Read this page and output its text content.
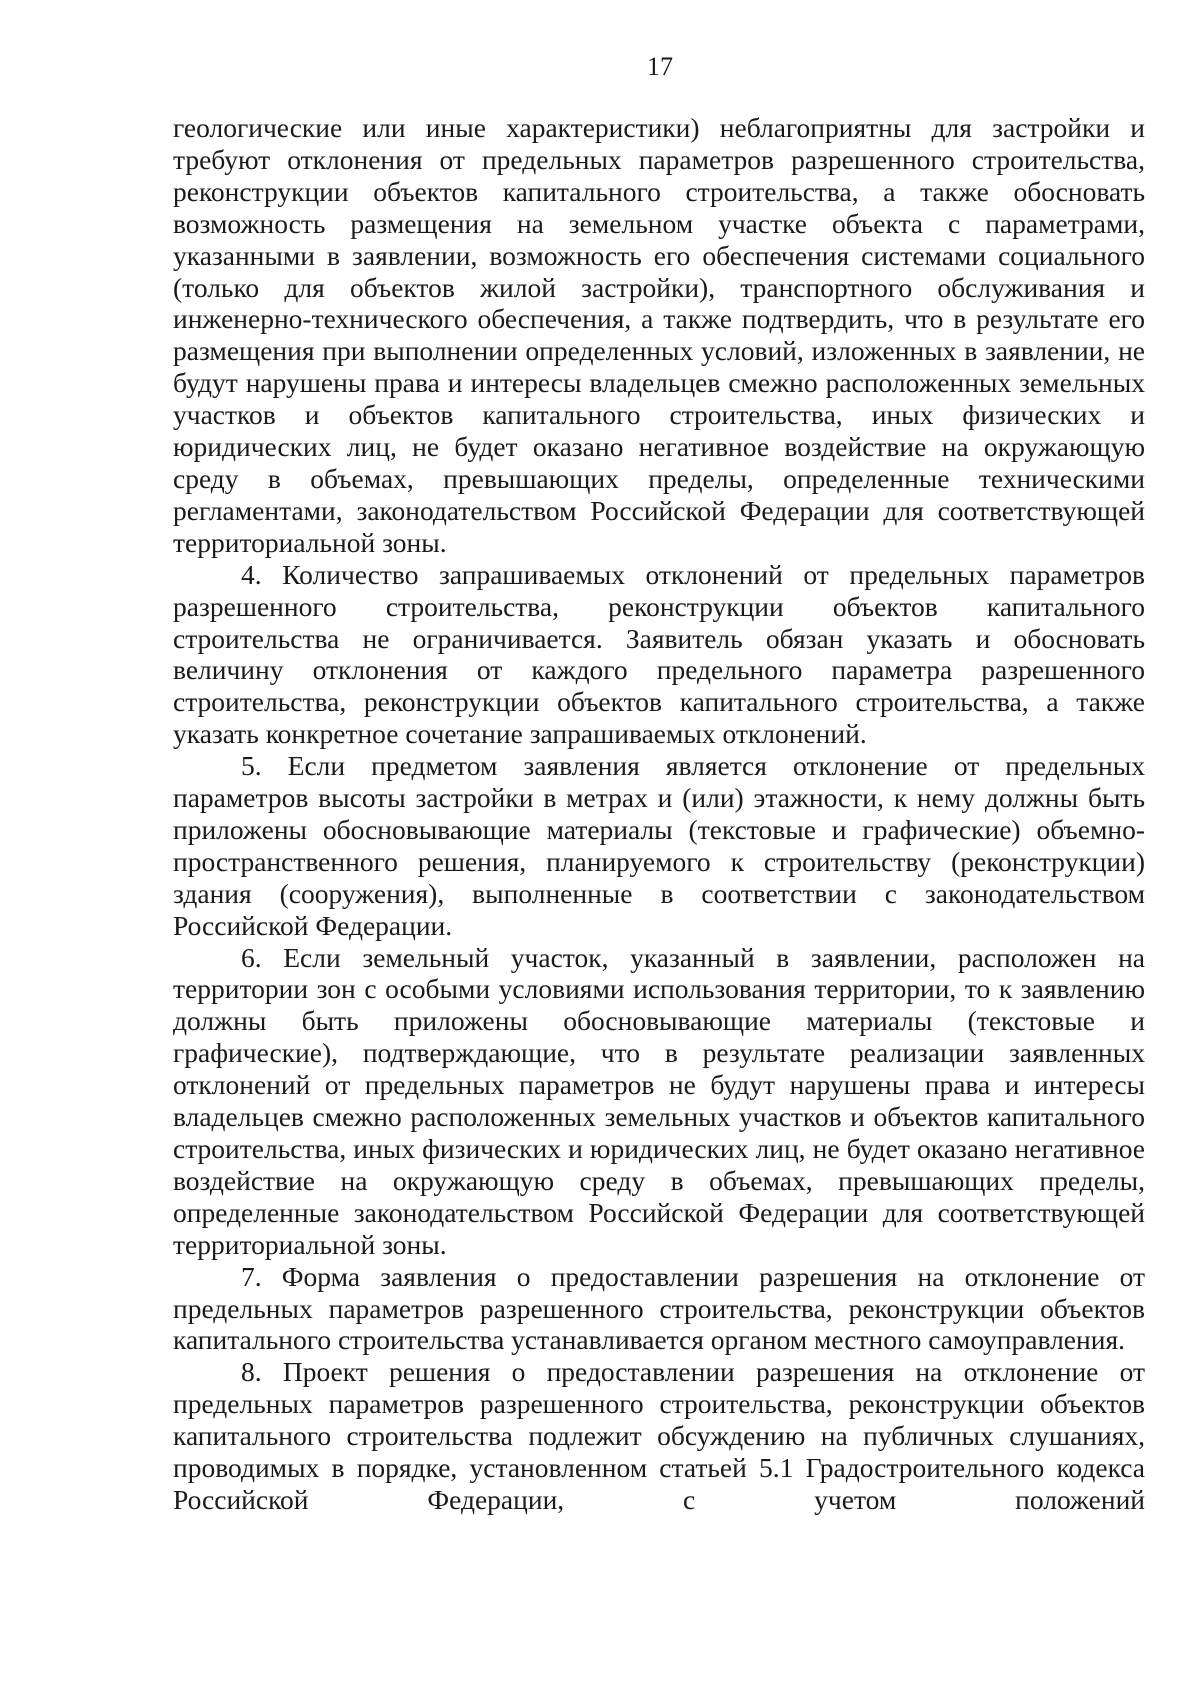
17

геологические или иные характеристики) неблагоприятны для застройки и требуют отклонения от предельных параметров разрешенного строительства, реконструкции объектов капитального строительства, а также обосновать возможность размещения на земельном участке объекта с параметрами, указанными в заявлении, возможность его обеспечения системами социального (только для объектов жилой застройки), транспортного обслуживания и инженерно-технического обеспечения, а также подтвердить, что в результате его размещения при выполнении определенных условий, изложенных в заявлении, не будут нарушены права и интересы владельцев смежно расположенных земельных участков и объектов капитального строительства, иных физических и юридических лиц, не будет оказано негативное воздействие на окружающую среду в объемах, превышающих пределы, определенные техническими регламентами, законодательством Российской Федерации для соответствующей территориальной зоны.

4. Количество запрашиваемых отклонений от предельных параметров разрешенного строительства, реконструкции объектов капитального строительства не ограничивается. Заявитель обязан указать и обосновать величину отклонения от каждого предельного параметра разрешенного строительства, реконструкции объектов капитального строительства, а также указать конкретное сочетание запрашиваемых отклонений.

5. Если предметом заявления является отклонение от предельных параметров высоты застройки в метрах и (или) этажности, к нему должны быть приложены обосновывающие материалы (текстовые и графические) объемно-пространственного решения, планируемого к строительству (реконструкции) здания (сооружения), выполненные в соответствии с законодательством Российской Федерации.

6. Если земельный участок, указанный в заявлении, расположен на территории зон с особыми условиями использования территории, то к заявлению должны быть приложены обосновывающие материалы (текстовые и графические), подтверждающие, что в результате реализации заявленных отклонений от предельных параметров не будут нарушены права и интересы владельцев смежно расположенных земельных участков и объектов капитального строительства, иных физических и юридических лиц, не будет оказано негативное воздействие на окружающую среду в объемах, превышающих пределы, определенные законодательством Российской Федерации для соответствующей территориальной зоны.

7. Форма заявления о предоставлении разрешения на отклонение от предельных параметров разрешенного строительства, реконструкции объектов капитального строительства устанавливается органом местного самоуправления.

8. Проект решения о предоставлении разрешения на отклонение от предельных параметров разрешенного строительства, реконструкции объектов капитального строительства подлежит обсуждению на публичных слушаниях, проводимых в порядке, установленном статьей 5.1 Градостроительного кодекса Российской Федерации, с учетом положений
